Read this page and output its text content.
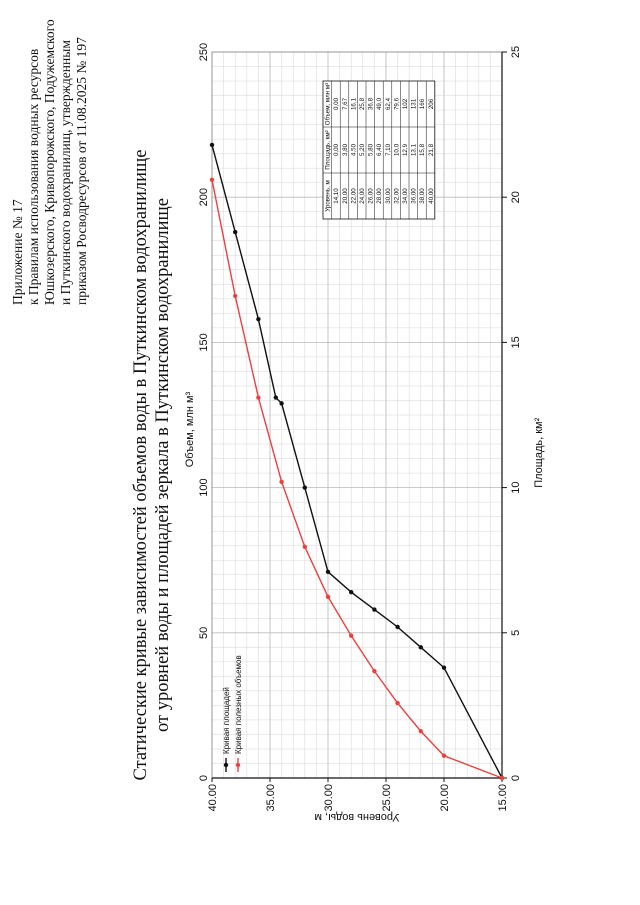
Приложение № 17 к Правилам использования водных ресурсов Юшкозерского, Кривопорожского, Подужемского и Путкинского водохранилищ, утвержденным приказом Росводресурсов от 11.08.2025 № 197 Статические кривые зависимостей объемов воды в Путкинском водохранилище от уровней воды и площадей зеркала в Путкинском водохранилище
15.00
20.00
25.00
30.00
35.00
40.00
0
50
100
150
200
250
0
5
10
15
20
25
Уровень воды, м
Объем, млн м³	Площадь, км²
Кривая площадей Кривая полезных объемов
Уровень, м
Площадь, км²
Объем, млн м³
14,10
0,00
0,00
20,00
3,80
7,67
22,00
4,50
16,1
24,00
5,20
25,8
26,00
5,80
36,8
28,00
6,40
49,0
30,00
7,10
62,4
32,00
10,0
79,6
34,00
12,9
102
36,00
13,1
131
38,00
15,8
166
40,00
21,8
206
